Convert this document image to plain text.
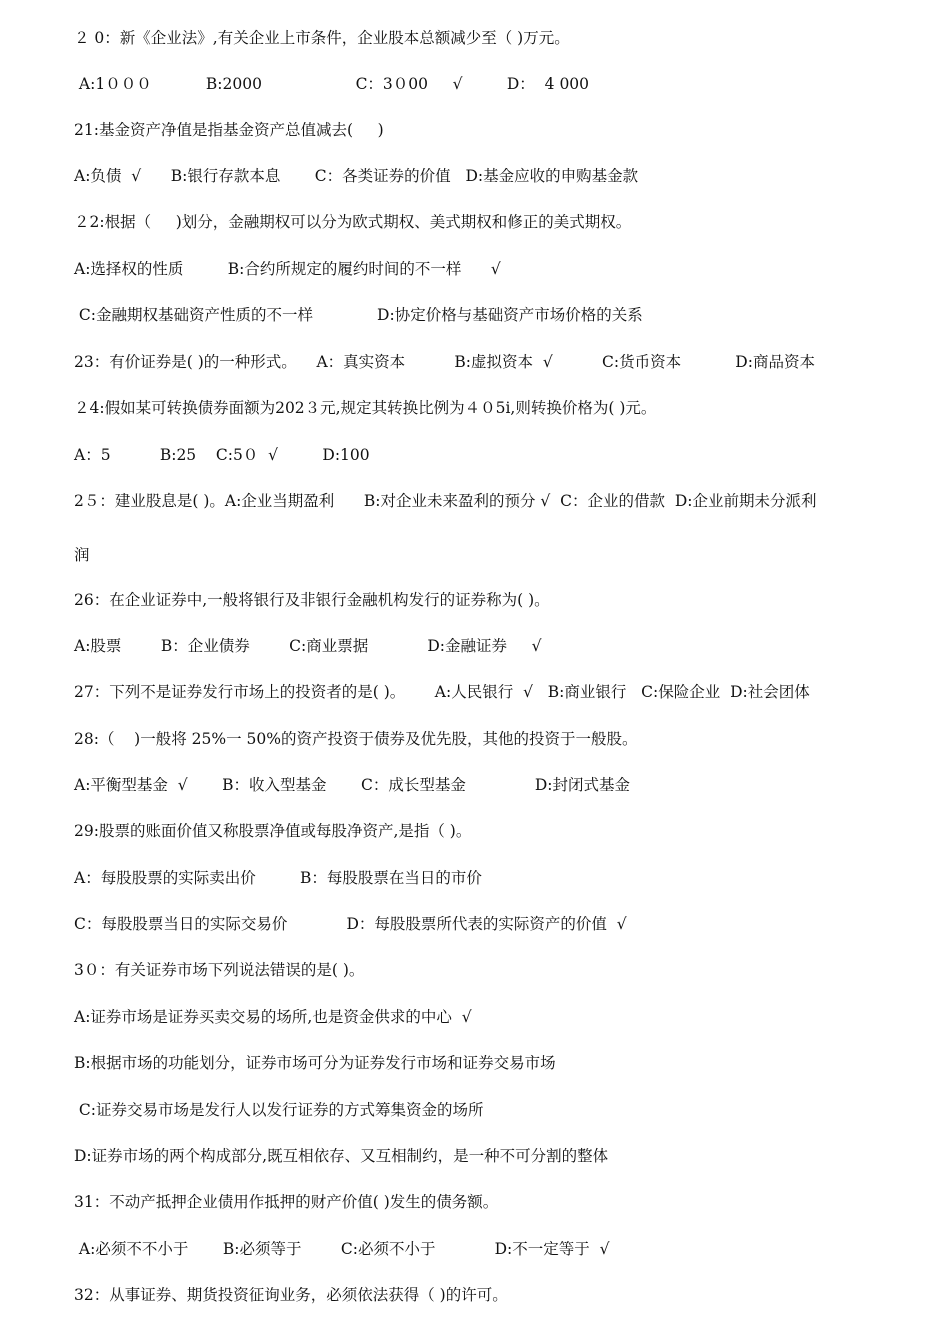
２ 0：新《企业法》,有关企业上市条件，企业股本总额减少至（ )万元。
A:1０００           B:2000                   C：3０00     √         D：  4 000
21:基金资产净值是指基金资产总值减去(     )
A:负债  √      B:银行存款本息       C：各类证券的价值   D:基金应收的申购基金款
２2:根据（     )划分，金融期权可以分为欧式期权、美式期权和修正的美式期权。
A:选择权的性质         B:合约所规定的履约时间的不一样      √
C:金融期权基础资产性质的不一样             D:协定价格与基础资产市场价格的关系
23：有价证券是( )的一种形式。    A：真实资本          B:虚拟资本  √          C:货币资本           D:商品资本
２4:假如某可转换债券面额为202３元,规定其转换比例为４０5i,则转换价格为( )元。
A：5          B:25    C:5０  √         D:100
2５：建业股息是( )。A:企业当期盈利      B:对企业未来盈利的预分 √  C：企业的借款  D:企业前期未分派利
润
26：在企业证券中,一般将银行及非银行金融机构发行的证券称为( )。
A:股票        B：企业债券        C:商业票据            D:金融证券     √
27：下列不是证券发行市场上的投资者的是( )。      A:人民银行  √   B:商业银行   C:保险企业  D:社会团体
28:（    )一般将 25%一 50%的资产投资于债券及优先股，其他的投资于一般股。
A:平衡型基金  √       B：收入型基金       C：成长型基金              D:封闭式基金
29:股票的账面价值又称股票净值或每股净资产,是指（ )。
A：每股股票的实际卖出价         B：每股股票在当日的市价
C：每股股票当日的实际交易价            D：每股股票所代表的实际资产的价值  √
3０：有关证券市场下列说法错误的是( )。
A:证券市场是证券买卖交易的场所,也是资金供求的中心  √
B:根据市场的功能划分，证券市场可分为证券发行市场和证券交易市场
C:证券交易市场是发行人以发行证券的方式筹集资金的场所
D:证券市场的两个构成部分,既互相依存、又互相制约，是一种不可分割的整体
31：不动产抵押企业债用作抵押的财产价值( )发生的债务额。
A:必须不不小于       B:必须等于        C:必须不小于            D:不一定等于  √
32：从事证券、期货投资征询业务，必须依法获得（ )的许可。
